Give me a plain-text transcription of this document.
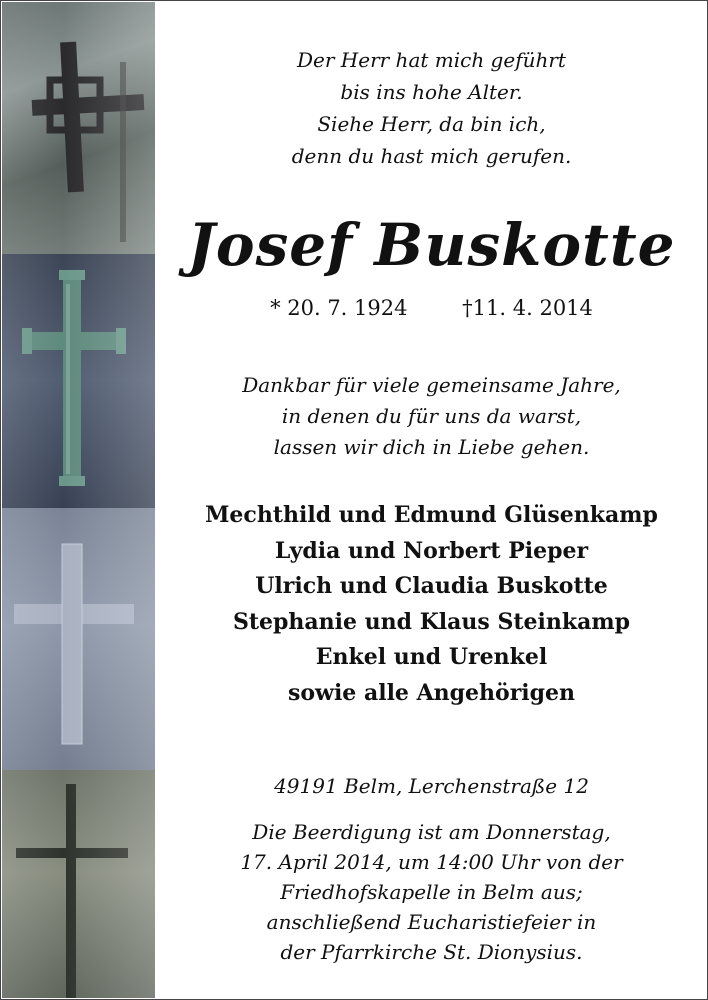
Der Herr hat mich geführt
bis ins hohe Alter.
Siehe Herr, da bin ich,
denn du hast mich gerufen.
Josef Buskotte
* 20. 7. 1924	†11. 4. 2014
Dankbar für viele gemeinsame Jahre,
in denen du für uns da warst,
lassen wir dich in Liebe gehen.
Mechthild und Edmund Glüsenkamp
Lydia und Norbert Pieper
Ulrich und Claudia Buskotte
Stephanie und Klaus Steinkamp
Enkel und Urenkel
sowie alle Angehörigen
49191 Belm, Lerchenstraße 12
Die Beerdigung ist am Donnerstag,
17. April 2014, um 14:00 Uhr von der
Friedhofskapelle in Belm aus;
anschließend Eucharistiefeier in
der Pfarrkirche St. Dionysius.
